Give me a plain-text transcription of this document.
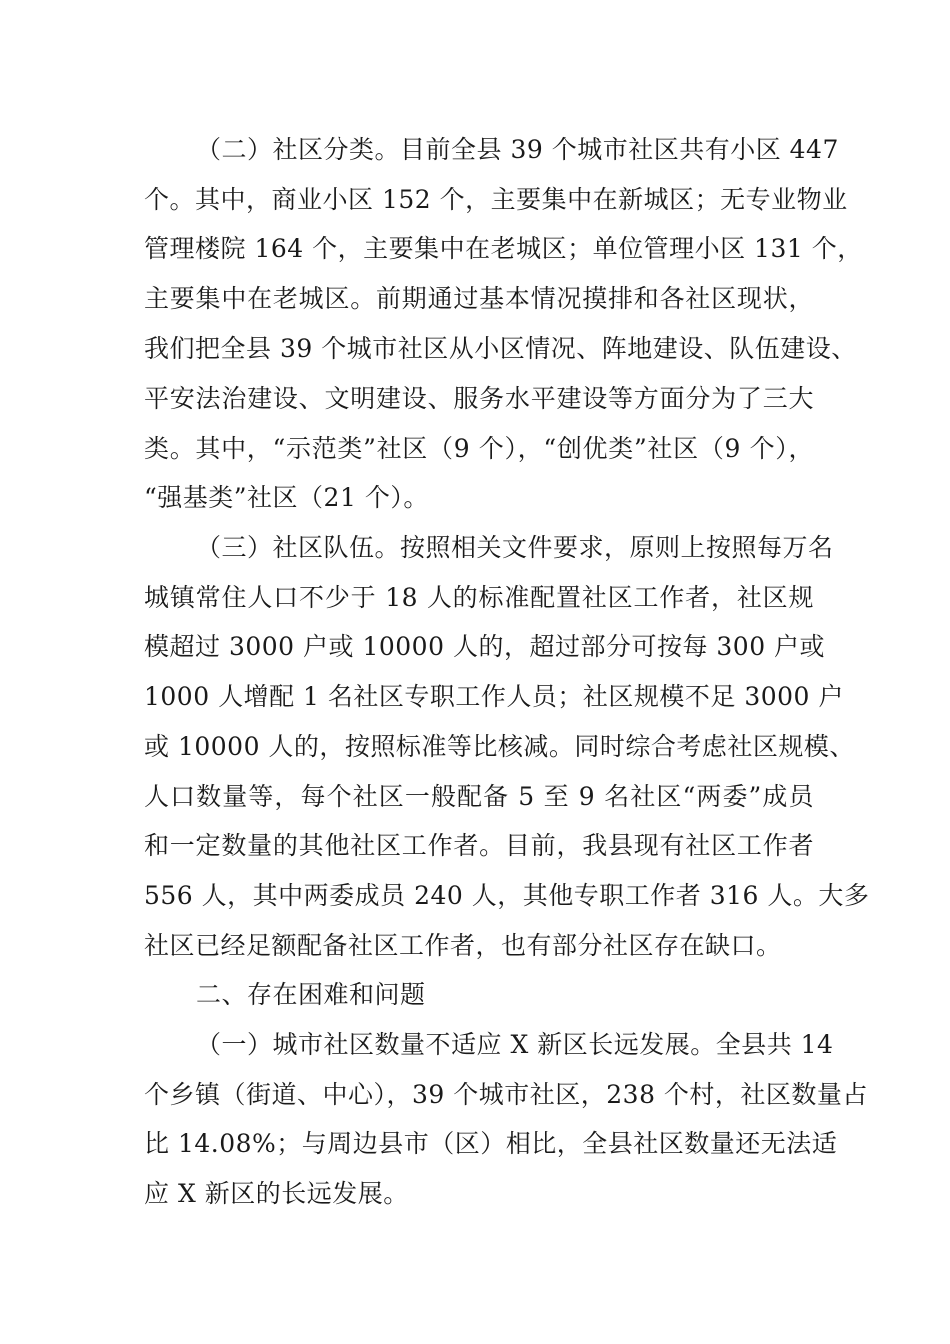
（二）社区分类。目前全县 39 个城市社区共有小区 447
个。其中，商业小区 152 个，主要集中在新城区；无专业物业
管理楼院 164 个，主要集中在老城区；单位管理小区 131 个，
主要集中在老城区。前期通过基本情况摸排和各社区现状，
我们把全县 39 个城市社区从小区情况、阵地建设、队伍建设、
平安法治建设、文明建设、服务水平建设等方面分为了三大
类。其中，“示范类”社区（9 个），“创优类”社区（9 个），
“强基类”社区（21 个）。
（三）社区队伍。按照相关文件要求，原则上按照每万名
城镇常住人口不少于 18 人的标准配置社区工作者，社区规
模超过 3000 户或 10000 人的，超过部分可按每 300 户或
1000 人增配 1 名社区专职工作人员；社区规模不足 3000 户
或 10000 人的，按照标准等比核减。同时综合考虑社区规模、
人口数量等，每个社区一般配备 5 至 9 名社区“两委”成员
和一定数量的其他社区工作者。目前，我县现有社区工作者
556 人，其中两委成员 240 人，其他专职工作者 316 人。大多
社区已经足额配备社区工作者，也有部分社区存在缺口。
二、存在困难和问题
（一）城市社区数量不适应 X 新区长远发展。全县共 14
个乡镇（街道、中心），39 个城市社区，238 个村，社区数量占
比 14.08%；与周边县市（区）相比，全县社区数量还无法适
应 X 新区的长远发展。
